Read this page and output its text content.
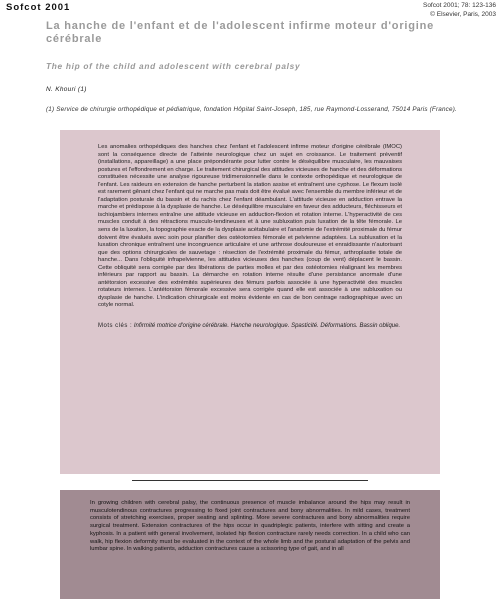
Sofcot 2001	Sofcot 2001; 78: 123-136
© Elsevier, Paris, 2003
La hanche de l'enfant et de l'adolescent infirme moteur d'origine cérébrale
The hip of the child and adolescent with cerebral palsy
N. Khouri (1)
(1) Service de chirurgie orthopédique et pédiatrique, fondation Hôpital Saint-Joseph, 185, rue Raymond-Losserand, 75014 Paris (France).

Les anomalies orthopédiques des hanches chez l'enfant et l'adolescent infirme moteur d'origine cérébrale (IMOC) sont la conséquence directe de l'atteinte neurologique chez un sujet en croissance. Le traitement préventif (installations, appareillage) a une place prépondérante pour lutter contre le déséquilibre musculaire, les mauvaises postures et l'effondrement en charge. Le traitement chirurgical des attitudes vicieuses de hanche et des déformations constituées nécessite une analyse rigoureuse tridimensionnelle dans le contexte orthopédique et neurologique de l'enfant. Les raideurs en extension de hanche perturbent la station assise et entraînent une cyphose. Le flexum isolé est rarement gênant chez l'enfant qui ne marche pas mais doit être évalué avec l'ensemble du membre inférieur et de l'adaptation posturale du bassin et du rachis chez l'enfant déambulant. L'attitude vicieuse en adduction entrave la marche et prédispose à la dysplasie de hanche. Le déséquilibre musculaire en faveur des adducteurs, fléchisseurs et ischiojambiers internes entraîne une attitude vicieuse en adduction-flexion et rotation interne. L'hyperactivité de ces muscles conduit à des rétractions musculo-tendineuses et à une subluxation puis luxation de la tête fémorale. Le sens de la luxation, la topographie exacte de la dysplasie acétabulaire et l'anatomie de l'extrémité proximale du fémur doivent être évalués avec soin pour planifier des ostéotomies fémorale et pelvienne adaptées. La subluxation et la luxation chronique entraînent une incongruence articulaire et une arthrose douloureuse et enraidissante n'autorisant que des options chirurgicales de sauvetage : résection de l'extrémité proximale du fémur, arthroplastie totale de hanche... Dans l'obliquité infrapelvienne, les attitudes vicieuses des hanches (coup de vent) déplacent le bassin. Cette obliquité sera corrigée par des libérations de parties molles et par des ostéotomies réalignant les membres inférieurs par rapport au bassin. La démarche en rotation interne résulte d'une persistance anormale d'une antétorsion excessive des extrémités supérieures des fémurs parfois associée à une hyperactivité des muscles rotateurs internes. L'antétorsion fémorale excessive sera corrigée quand elle est associée à une subluxation ou dysplasie de hanche. L'indication chirurgicale est moins évidente en cas de bon centrage radiographique avec un cotyle normal.

Mots clés : Infirmité motrice d'origine cérébrale. Hanche neurologique. Spasticité. Déformations. Bassin oblique.

In growing children with cerebral palsy, the continuous presence of muscle imbalance around the hips may result in musculotendinous contractures progressing to fixed joint contractures and bony abnormalities. In mild cases, treatment consists of stretching exercises, proper seating and splinting. More severe contractures and bony abnormalities require surgical treatment. Extension contractures of the hips occur in quadriplegic patients, interfere with sitting and create a kyphosis. In a patient with general involvement, isolated hip flexion contracture rarely needs correction. In a child who can walk, hip flexion deformity must be evaluated in the context of the whole limb and the postural adaptation of the pelvis and lumbar spine. In walking patients, adduction contractures cause a scissoring type of gait, and in all
